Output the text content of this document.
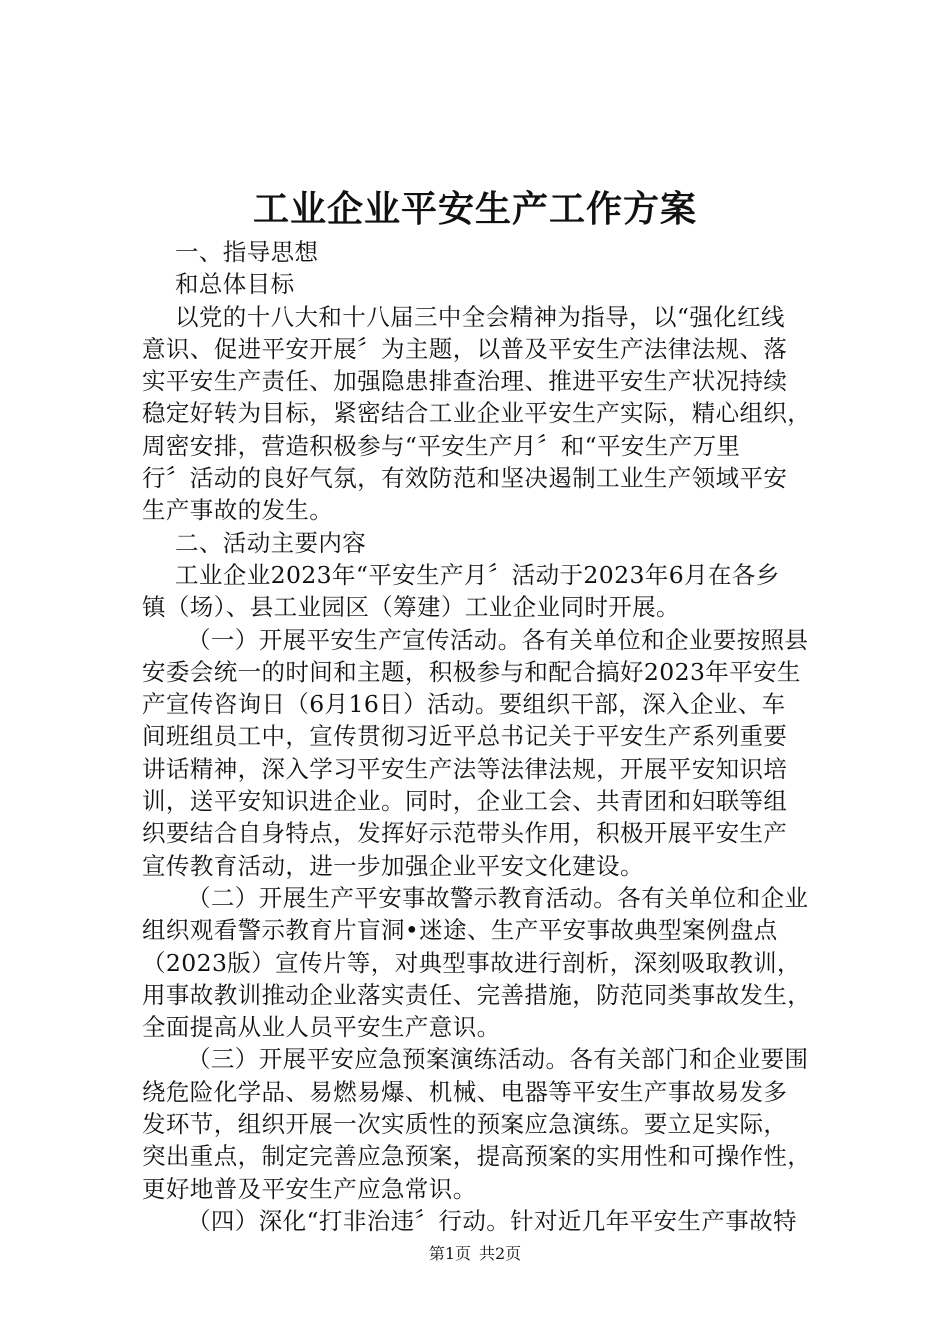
工业企业平安生产工作方案
一、指导思想
和总体目标
以党的十八大和十八届三中全会精神为指导，以“强化红线
意识、促进平安开展〞为主题，以普及平安生产法律法规、落
实平安生产责任、加强隐患排查治理、推进平安生产状况持续
稳定好转为目标，紧密结合工业企业平安生产实际，精心组织，
周密安排，营造积极参与“平安生产月〞和“平安生产万里
行〞活动的良好气氛，有效防范和坚决遏制工业生产领域平安
生产事故的发生。
二、活动主要内容
工业企业2023年“平安生产月〞活动于2023年6月在各乡
镇（场）、县工业园区（筹建）工业企业同时开展。
（一）开展平安生产宣传活动。各有关单位和企业要按照县
安委会统一的时间和主题，积极参与和配合搞好2023年平安生
产宣传咨询日（6月16日）活动。要组织干部，深入企业、车
间班组员工中，宣传贯彻习近平总书记关于平安生产系列重要
讲话精神，深入学习平安生产法等法律法规，开展平安知识培
训，送平安知识进企业。同时，企业工会、共青团和妇联等组
织要结合自身特点，发挥好示范带头作用，积极开展平安生产
宣传教育活动，进一步加强企业平安文化建设。
（二）开展生产平安事故警示教育活动。各有关单位和企业
组织观看警示教育片盲洞•迷途、生产平安事故典型案例盘点
（2023版）宣传片等，对典型事故进行剖析，深刻吸取教训，
用事故教训推动企业落实责任、完善措施，防范同类事故发生，
全面提高从业人员平安生产意识。
（三）开展平安应急预案演练活动。各有关部门和企业要围
绕危险化学品、易燃易爆、机械、电器等平安生产事故易发多
发环节，组织开展一次实质性的预案应急演练。要立足实际，
突出重点，制定完善应急预案，提高预案的实用性和可操作性，
更好地普及平安生产应急常识。
（四）深化“打非治违〞行动。针对近几年平安生产事故特
第1页 共2页
